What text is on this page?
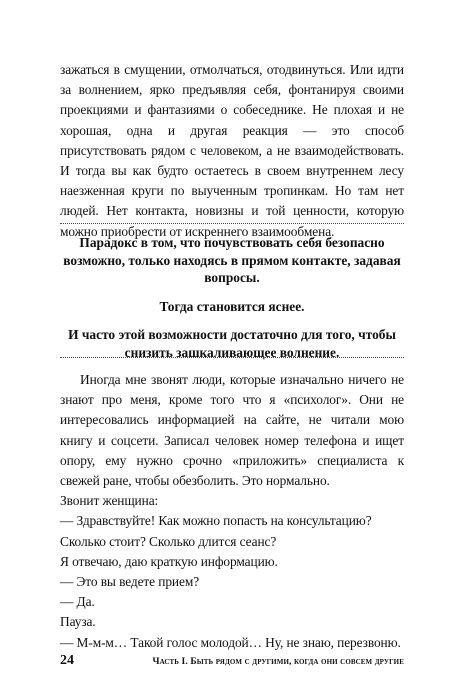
зажаться в смущении, отмолчаться, отодвинуться. Или идти за волнением, ярко предъявляя себя, фонтанируя своими проекциями и фантазиями о собеседнике. Не плохая и не хорошая, одна и другая реакция — это способ присутствовать рядом с человеком, а не взаимодействовать. И тогда вы как будто остаетесь в своем внутреннем лесу наезженная круги по выученным тропинкам. Но там нет людей. Нет контакта, новизны и той ценности, которую можно приобрести от искреннего взаимообмена.

Парадокс в том, что почувствовать себя безопасно возможно, только находясь в прямом контакте, задавая вопросы.

Тогда становится яснее.

И часто этой возможности достаточно для того, чтобы снизить зашкаливающее волнение.

Иногда мне звонят люди, которые изначально ничего не знают про меня, кроме того что я «психолог». Они не интересовались информацией на сайте, не читали мою книгу и соцсети. Записал человек номер телефона и ищет опору, ему нужно срочно «приложить» специалиста к свежей ране, чтобы обезболить. Это нормально.

Звонит женщина:

— Здравствуйте! Как можно попасть на консультацию? Сколько стоит? Сколько длится сеанс?

Я отвечаю, даю краткую информацию.

— Это вы ведете прием?

— Да.

Пауза.

— М-м-м… Такой голос молодой… Ну, не знаю, перезвоню.

24	Часть I. Быть рядом с другими, когда они совсем другие
